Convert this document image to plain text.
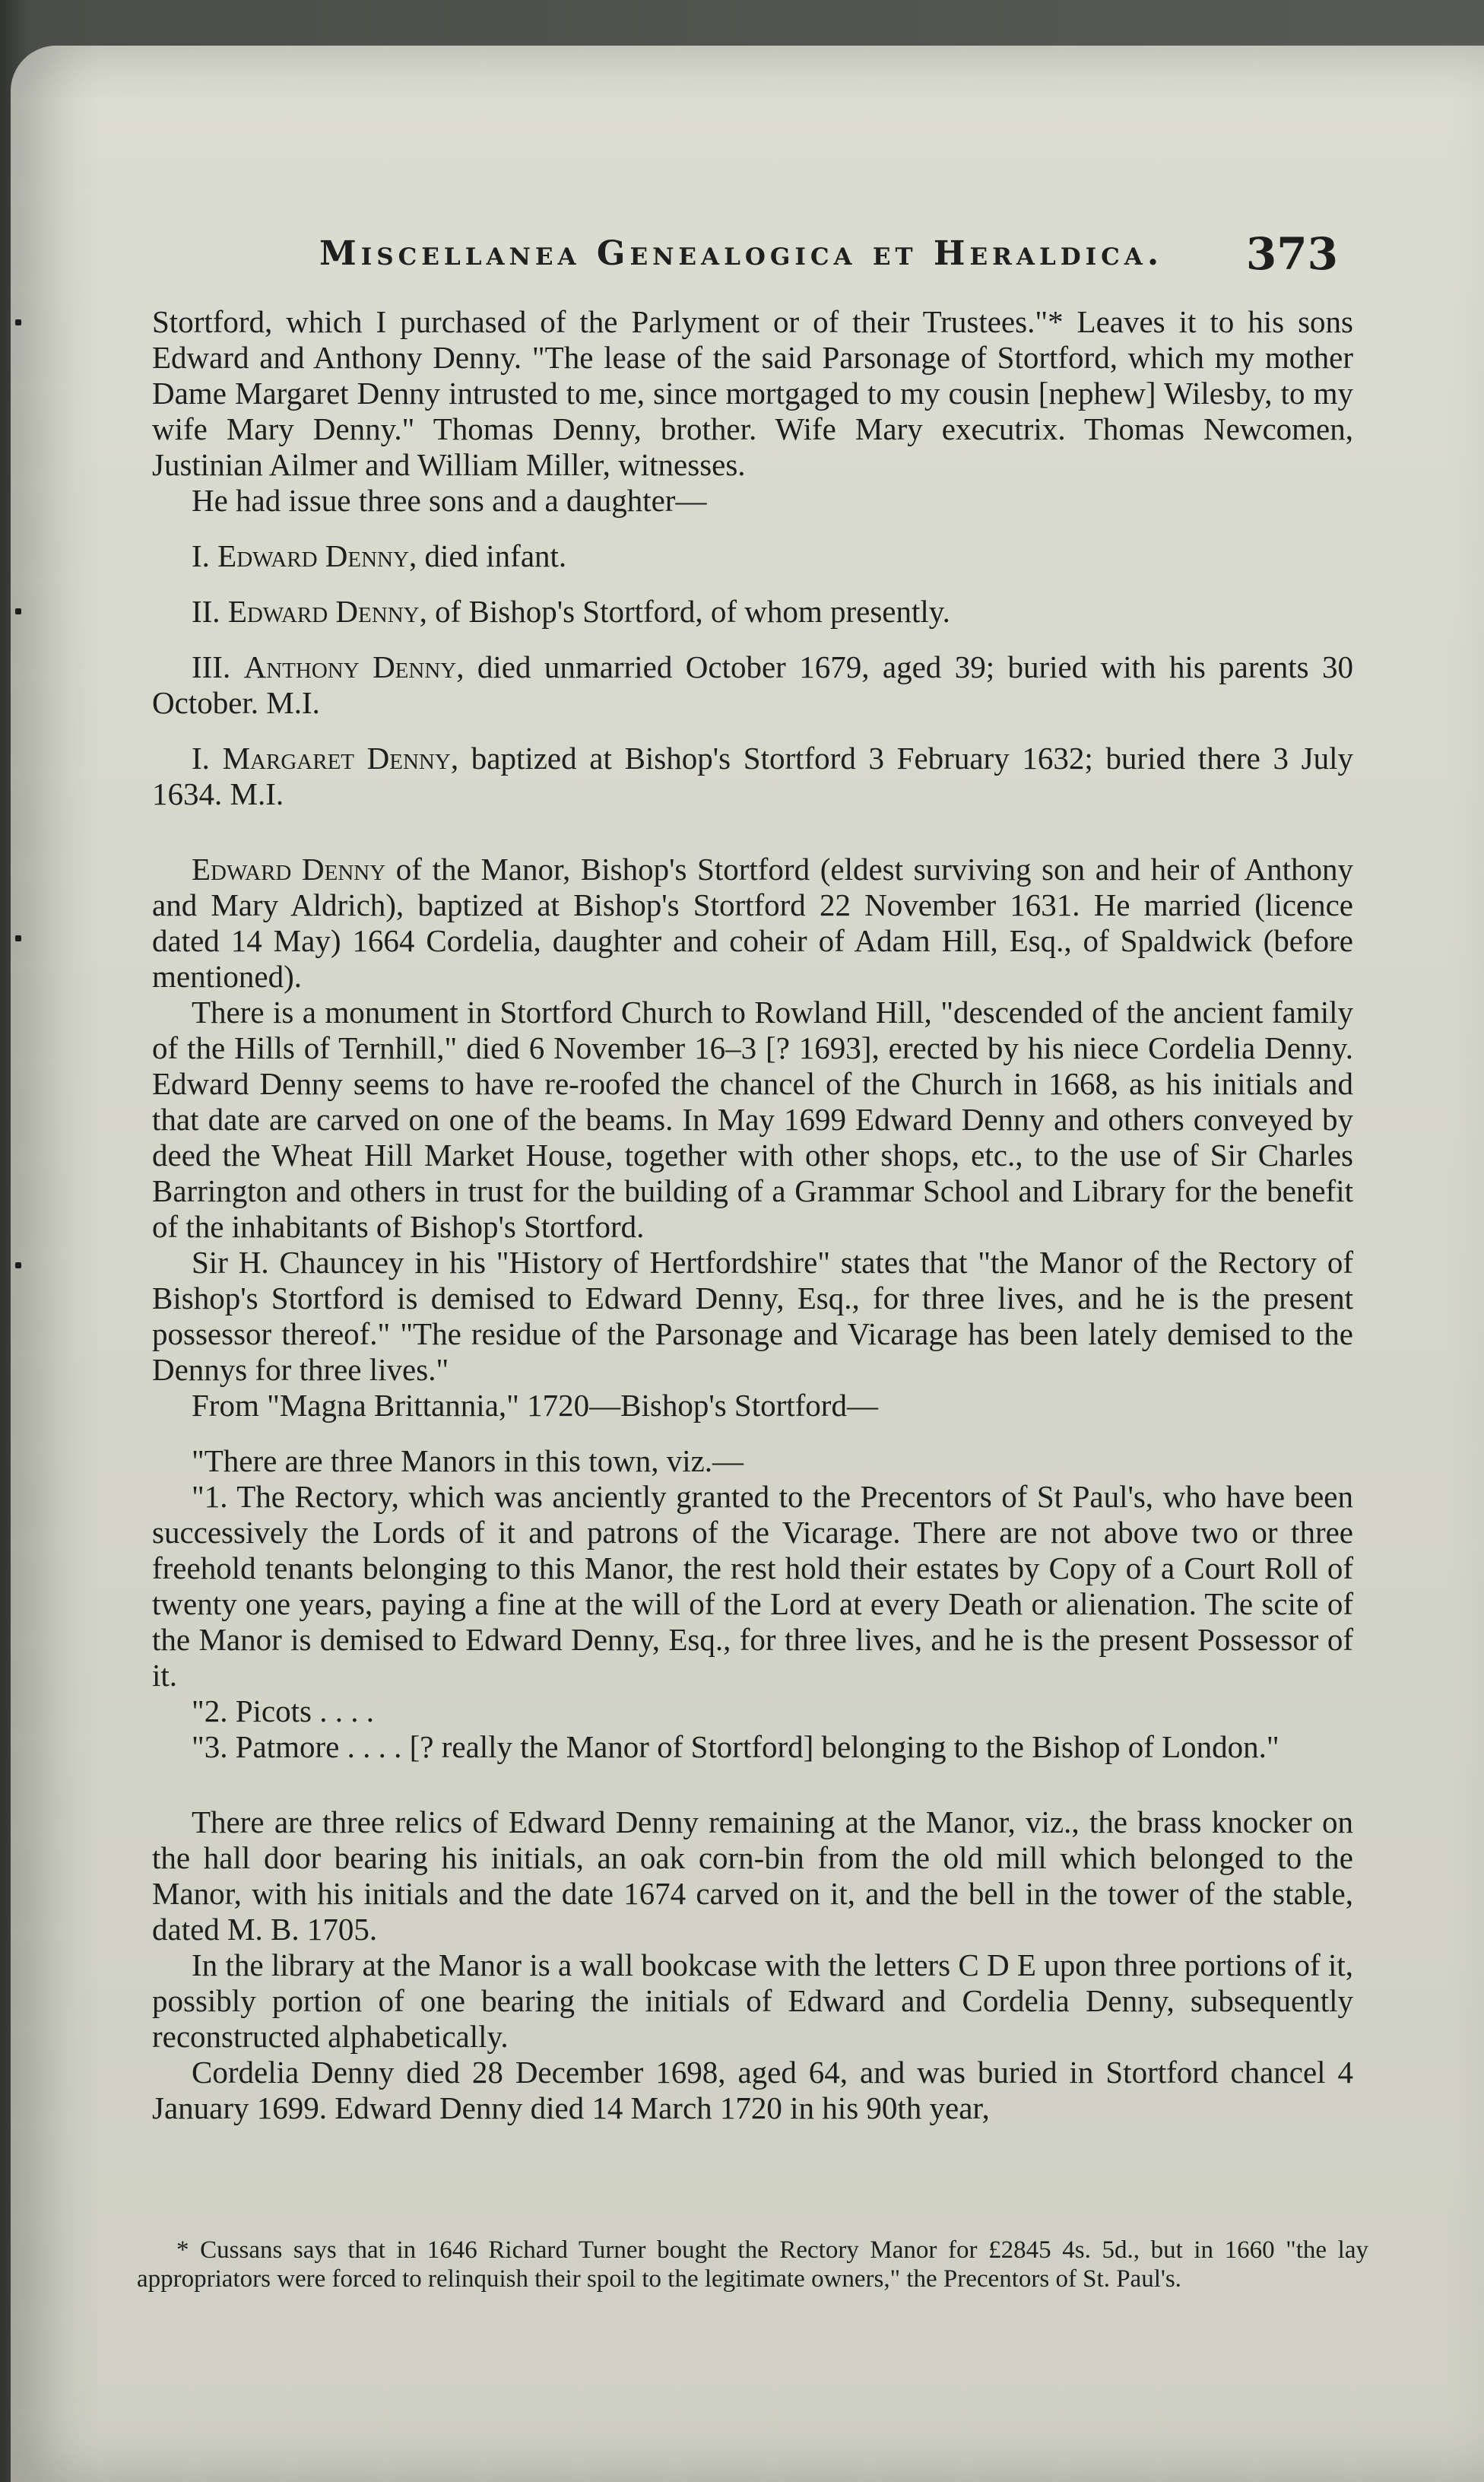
Miscellanea Genealogica et Heraldica. 373

Stortford, which I purchased of the Parlyment or of their Trustees."* Leaves it to his sons Edward and Anthony Denny. "The lease of the said Parsonage of Stortford, which my mother Dame Margaret Denny intrusted to me, since mortgaged to my cousin [nephew] Wilesby, to my wife Mary Denny." Thomas Denny, brother. Wife Mary executrix. Thomas Newcomen, Justinian Ailmer and William Miller, witnesses.

He had issue three sons and a daughter—

I. Edward Denny, died infant.

II. Edward Denny, of Bishop's Stortford, of whom presently.

III. Anthony Denny, died unmarried October 1679, aged 39; buried with his parents 30 October. M.I.

I. Margaret Denny, baptized at Bishop's Stortford 3 February 1632; buried there 3 July 1634. M.I.

Edward Denny of the Manor, Bishop's Stortford (eldest surviving son and heir of Anthony and Mary Aldrich), baptized at Bishop's Stortford 22 November 1631. He married (licence dated 14 May) 1664 Cordelia, daughter and coheir of Adam Hill, Esq., of Spaldwick (before mentioned).

There is a monument in Stortford Church to Rowland Hill, "descended of the ancient family of the Hills of Ternhill," died 6 November 16–3 [? 1693], erected by his niece Cordelia Denny. Edward Denny seems to have re-roofed the chancel of the Church in 1668, as his initials and that date are carved on one of the beams. In May 1699 Edward Denny and others conveyed by deed the Wheat Hill Market House, together with other shops, etc., to the use of Sir Charles Barrington and others in trust for the building of a Grammar School and Library for the benefit of the inhabitants of Bishop's Stortford.

Sir H. Chauncey in his "History of Hertfordshire" states that "the Manor of the Rectory of Bishop's Stortford is demised to Edward Denny, Esq., for three lives, and he is the present possessor thereof." "The residue of the Parsonage and Vicarage has been lately demised to the Dennys for three lives."

From "Magna Brittannia," 1720—Bishop's Stortford—

"There are three Manors in this town, viz.—

"1. The Rectory, which was anciently granted to the Precentors of St Paul's, who have been successively the Lords of it and patrons of the Vicarage. There are not above two or three freehold tenants belonging to this Manor, the rest hold their estates by Copy of a Court Roll of twenty one years, paying a fine at the will of the Lord at every Death or alienation. The scite of the Manor is demised to Edward Denny, Esq., for three lives, and he is the present Possessor of it.

"2. Picots . . . .

"3. Patmore . . . . [? really the Manor of Stortford] belonging to the Bishop of London."

There are three relics of Edward Denny remaining at the Manor, viz., the brass knocker on the hall door bearing his initials, an oak corn-bin from the old mill which belonged to the Manor, with his initials and the date 1674 carved on it, and the bell in the tower of the stable, dated M. B. 1705.

In the library at the Manor is a wall bookcase with the letters C D E upon three portions of it, possibly portion of one bearing the initials of Edward and Cordelia Denny, subsequently reconstructed alphabetically.

Cordelia Denny died 28 December 1698, aged 64, and was buried in Stortford chancel 4 January 1699. Edward Denny died 14 March 1720 in his 90th year,

* Cussans says that in 1646 Richard Turner bought the Rectory Manor for £2845 4s. 5d., but in 1660 "the lay appropriators were forced to relinquish their spoil to the legitimate owners," the Precentors of St. Paul's.
